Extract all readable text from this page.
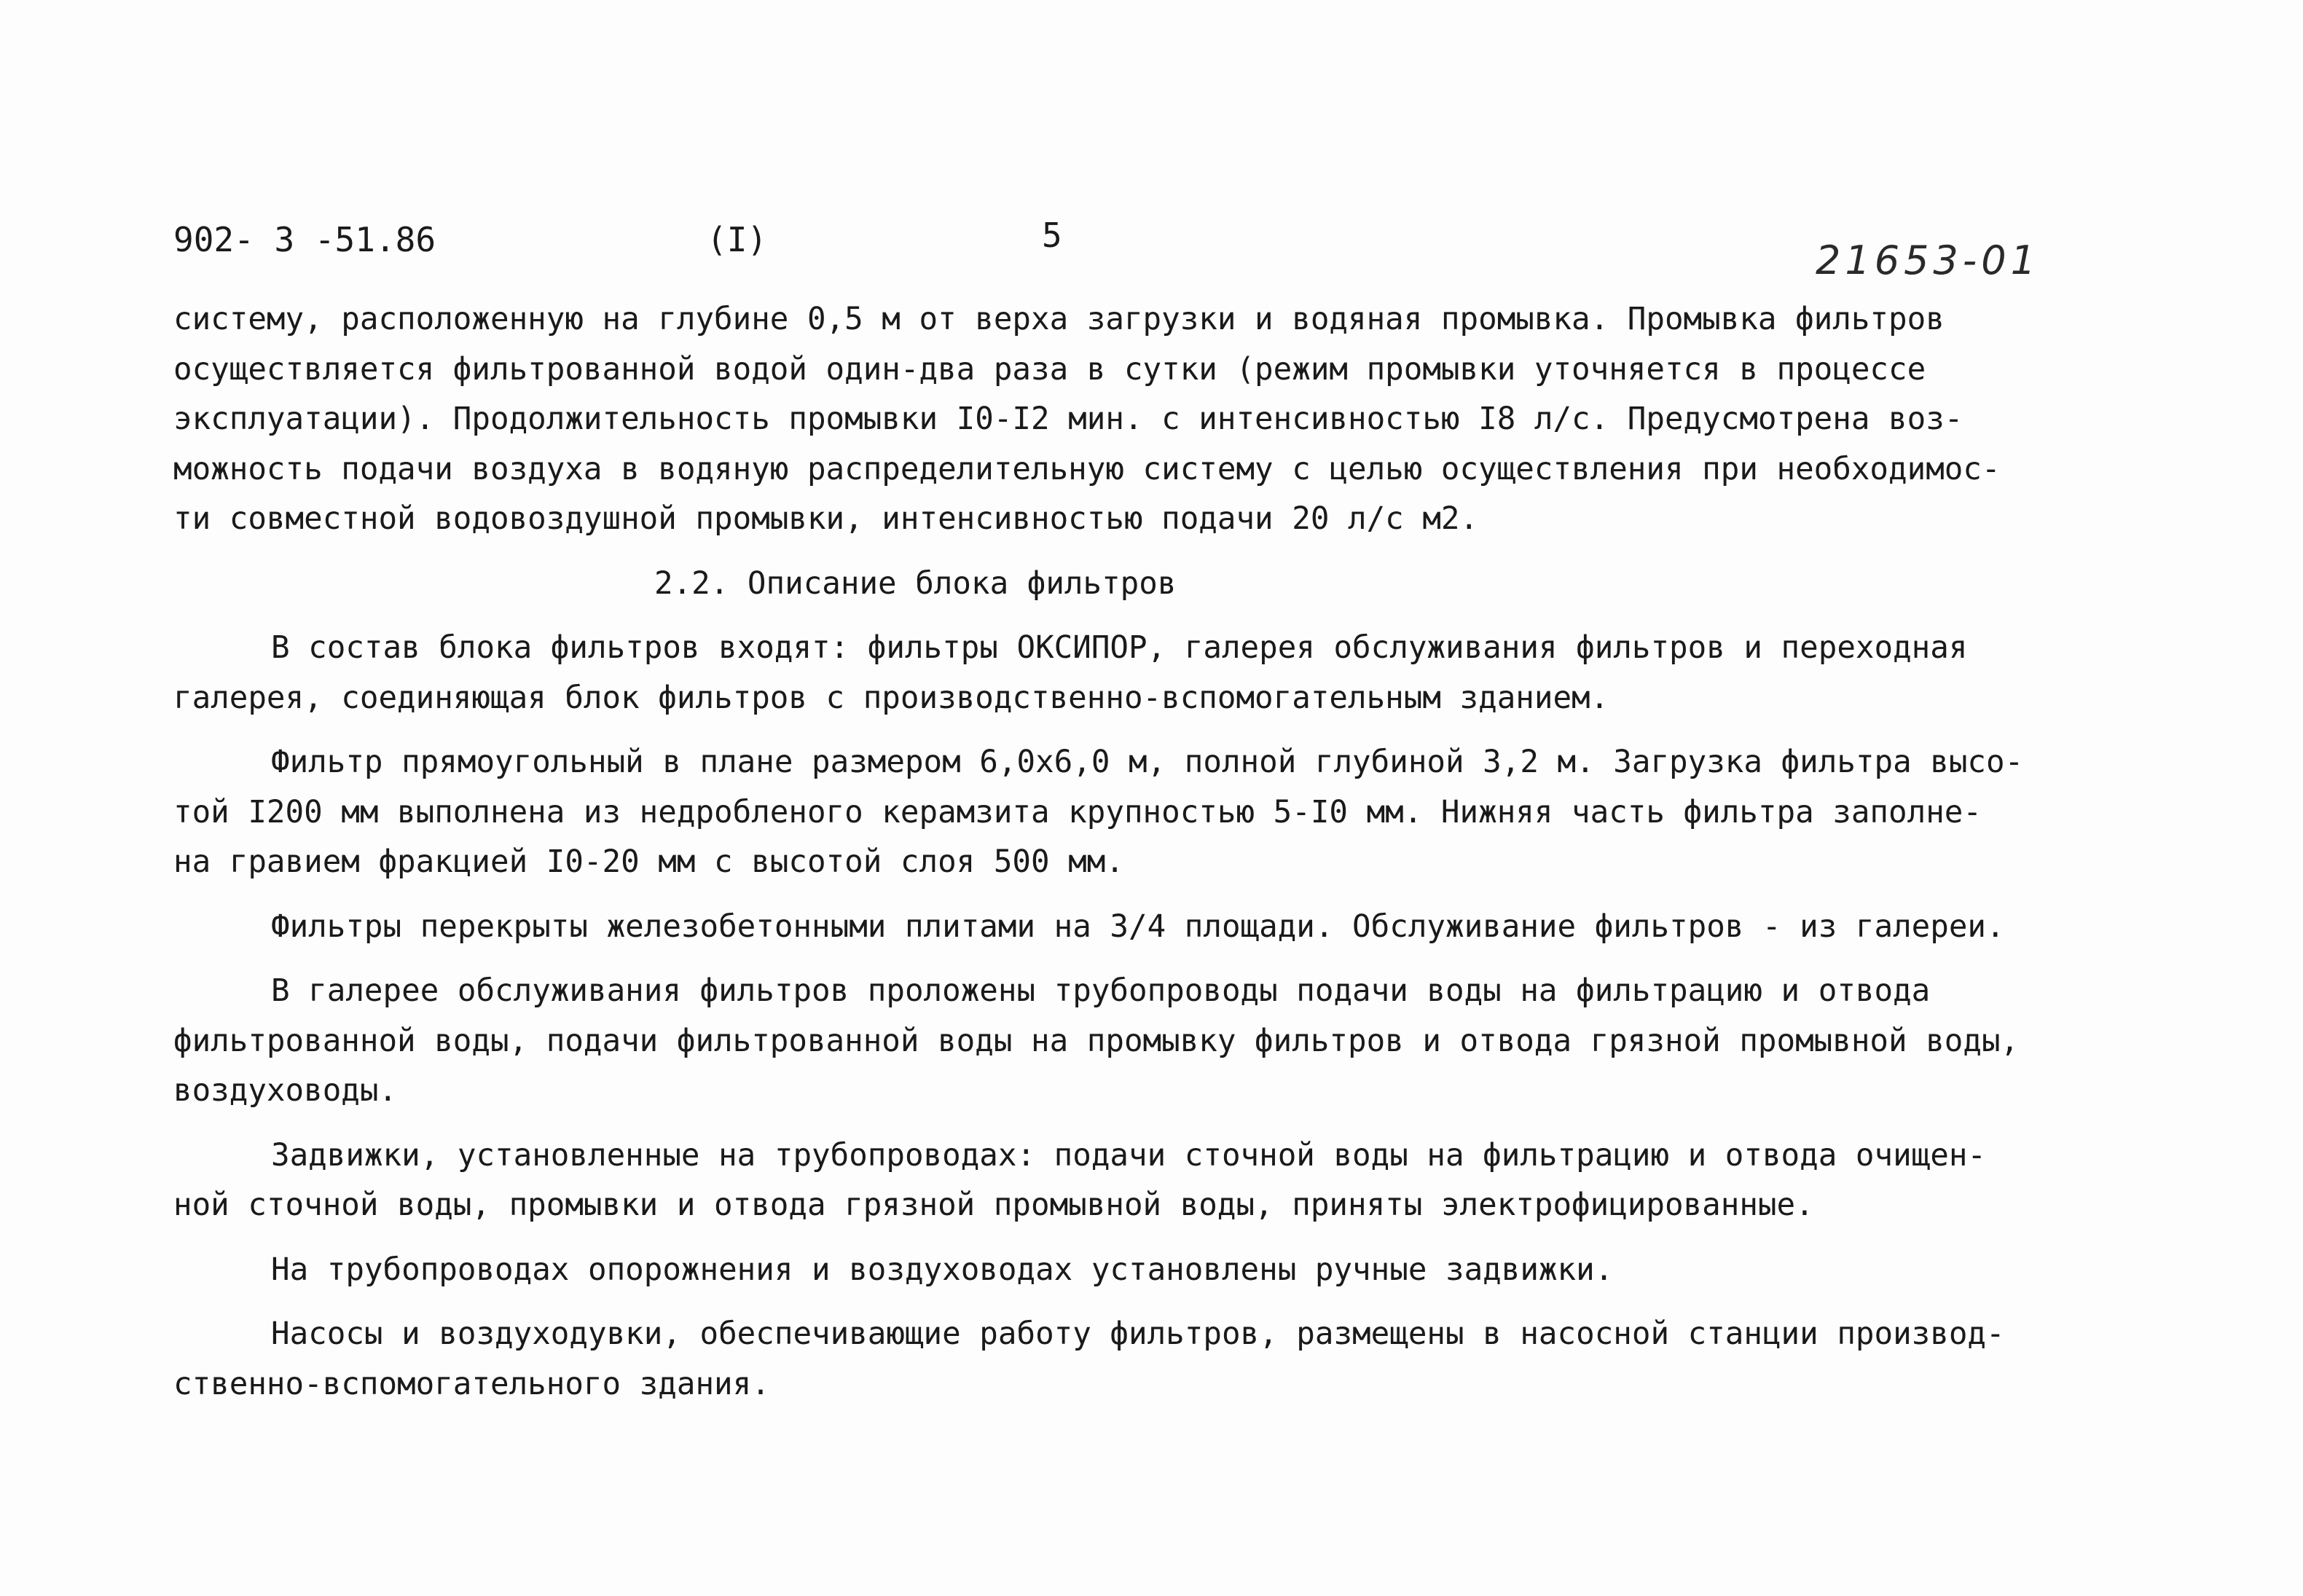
902- 3 -51.86	(I)	5
21653-01
систему, расположенную на глубине 0,5 м от верха загрузки и водяная промывка. Промывка фильтров
осуществляется фильтрованной водой один-два раза в сутки (режим промывки уточняется в процессе
эксплуатации). Продолжительность промывки I0-I2 мин. с интенсивностью I8 л/с. Предусмотрена воз-
можность подачи воздуха в водяную распределительную систему с целью осуществления при необходимос-
ти совместной водовоздушной промывки, интенсивностью подачи 20 л/с м2.
2.2. Описание блока фильтров
В состав блока фильтров входят: фильтры ОКСИПОР, галерея обслуживания фильтров и переходная
галерея, соединяющая блок фильтров с производственно-вспомогательным зданием.
Фильтр прямоугольный в плане размером 6,0х6,0 м, полной глубиной 3,2 м. Загрузка фильтра высо-
той I200 мм выполнена из недробленого керамзита крупностью 5-I0 мм. Нижняя часть фильтра заполне-
на гравием фракцией I0-20 мм с высотой слоя 500 мм.
Фильтры перекрыты железобетонными плитами на 3/4 площади. Обслуживание фильтров - из галереи.
В галерее обслуживания фильтров проложены трубопроводы подачи воды на фильтрацию и отвода
фильтрованной воды, подачи фильтрованной воды на промывку фильтров и отвода грязной промывной воды,
воздуховоды.
Задвижки, установленные на трубопроводах: подачи сточной воды на фильтрацию и отвода очищен-
ной сточной воды, промывки и отвода грязной промывной воды, приняты электрофицированные.
На трубопроводах опорожнения и воздуховодах установлены ручные задвижки.
Насосы и воздуходувки, обеспечивающие работу фильтров, размещены в насосной станции производ-
ственно-вспомогательного здания.
